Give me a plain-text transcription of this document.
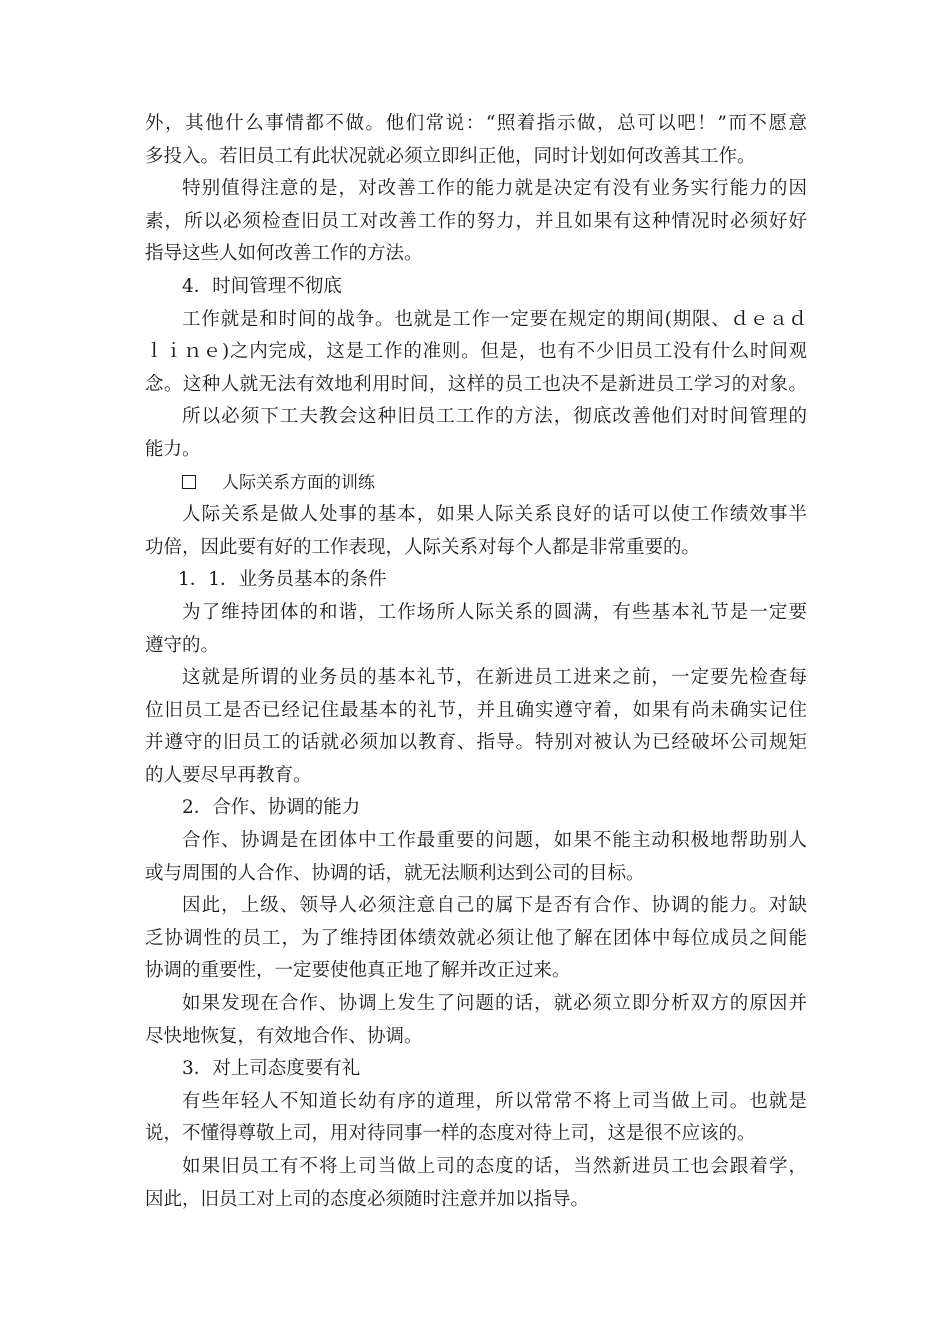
外，其他什么事情都不做。他们常说：“照着指示做，总可以吧！”而不愿意
多投入。若旧员工有此状况就必须立即纠正他，同时计划如何改善其工作。
特别值得注意的是，对改善工作的能力就是决定有没有业务实行能力的因
素，所以必须检查旧员工对改善工作的努力，并且如果有这种情况时必须好好
指导这些人如何改善工作的方法。
4．时间管理不彻底
工作就是和时间的战争。也就是工作一定要在规定的期间(期限、ｄｅａｄ
ｌｉｎｅ)之内完成，这是工作的准则。但是，也有不少旧员工没有什么时间观
念。这种人就无法有效地利用时间，这样的员工也决不是新进员工学习的对象。
所以必须下工夫教会这种旧员工工作的方法，彻底改善他们对时间管理的
能力。
人际关系方面的训练
人际关系是做人处事的基本，如果人际关系良好的话可以使工作绩效事半
功倍，因此要有好的工作表现，人际关系对每个人都是非常重要的。
1．1．业务员基本的条件
为了维持团体的和谐，工作场所人际关系的圆满，有些基本礼节是一定要
遵守的。
这就是所谓的业务员的基本礼节，在新进员工进来之前，一定要先检查每
位旧员工是否已经记住最基本的礼节，并且确实遵守着，如果有尚未确实记住
并遵守的旧员工的话就必须加以教育、指导。特别对被认为已经破坏公司规矩
的人要尽早再教育。
2．合作、协调的能力
合作、协调是在团体中工作最重要的问题，如果不能主动积极地帮助别人
或与周围的人合作、协调的话，就无法顺利达到公司的目标。
因此，上级、领导人必须注意自己的属下是否有合作、协调的能力。对缺
乏协调性的员工，为了维持团体绩效就必须让他了解在团体中每位成员之间能
协调的重要性，一定要使他真正地了解并改正过来。
如果发现在合作、协调上发生了问题的话，就必须立即分析双方的原因并
尽快地恢复，有效地合作、协调。
3．对上司态度要有礼
有些年轻人不知道长幼有序的道理，所以常常不将上司当做上司。也就是
说，不懂得尊敬上司，用对待同事一样的态度对待上司，这是很不应该的。
如果旧员工有不将上司当做上司的态度的话，当然新进员工也会跟着学，
因此，旧员工对上司的态度必须随时注意并加以指导。
